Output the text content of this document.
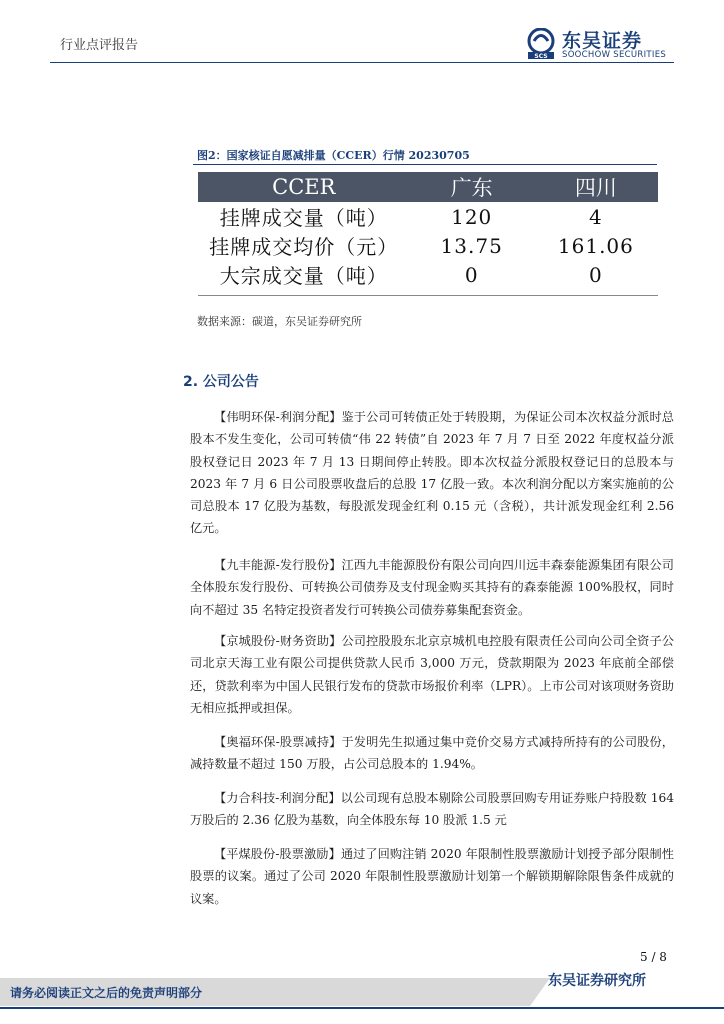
行业点评报告
SCS
东吴证券
SOOCHOW SECURITIES
图2：国家核证自愿减排量（CCER）行情 20230705
CCER	广东	四川
挂牌成交量（吨）	120	4
挂牌成交均价（元）	13.75	161.06
大宗成交量（吨）	0	0
数据来源：碳道，东吴证券研究所
2. 公司公告
【伟明环保-利润分配】鉴于公司可转债正处于转股期，为保证公司本次权益分派时总股本不发生变化，公司可转债“伟 22 转债”自 2023 年 7 月 7 日至 2022 年度权益分派股权登记日 2023 年 7 月 13 日期间停止转股。即本次权益分派股权登记日的总股本与 2023 年 7 月 6 日公司股票收盘后的总股 17 亿股一致。本次利润分配以方案实施前的公司总股本 17 亿股为基数，每股派发现金红利 0.15 元（含税），共计派发现金红利 2.56 亿元。
【九丰能源-发行股份】江西九丰能源股份有限公司向四川远丰森泰能源集团有限公司全体股东发行股份、可转换公司债券及支付现金购买其持有的森泰能源 100%股权，同时向不超过 35 名特定投资者发行可转换公司债券募集配套资金。
【京城股份-财务资助】公司控股股东北京京城机电控股有限责任公司向公司全资子公司北京天海工业有限公司提供贷款人民币 3,000 万元，贷款期限为 2023 年底前全部偿还，贷款利率为中国人民银行发布的贷款市场报价利率（LPR）。上市公司对该项财务资助无相应抵押或担保。
【奥福环保-股票减持】于发明先生拟通过集中竞价交易方式减持所持有的公司股份，减持数量不超过 150 万股，占公司总股本的 1.94%。
【力合科技-利润分配】以公司现有总股本剔除公司股票回购专用证券账户持股数 164 万股后的 2.36 亿股为基数，向全体股东每 10 股派 1.5 元
【平煤股份-股票激励】通过了回购注销 2020 年限制性股票激励计划授予部分限制性股票的议案。通过了公司 2020 年限制性股票激励计划第一个解锁期解除限售条件成就的议案。
5 / 8
东吴证券研究所
请务必阅读正文之后的免责声明部分
